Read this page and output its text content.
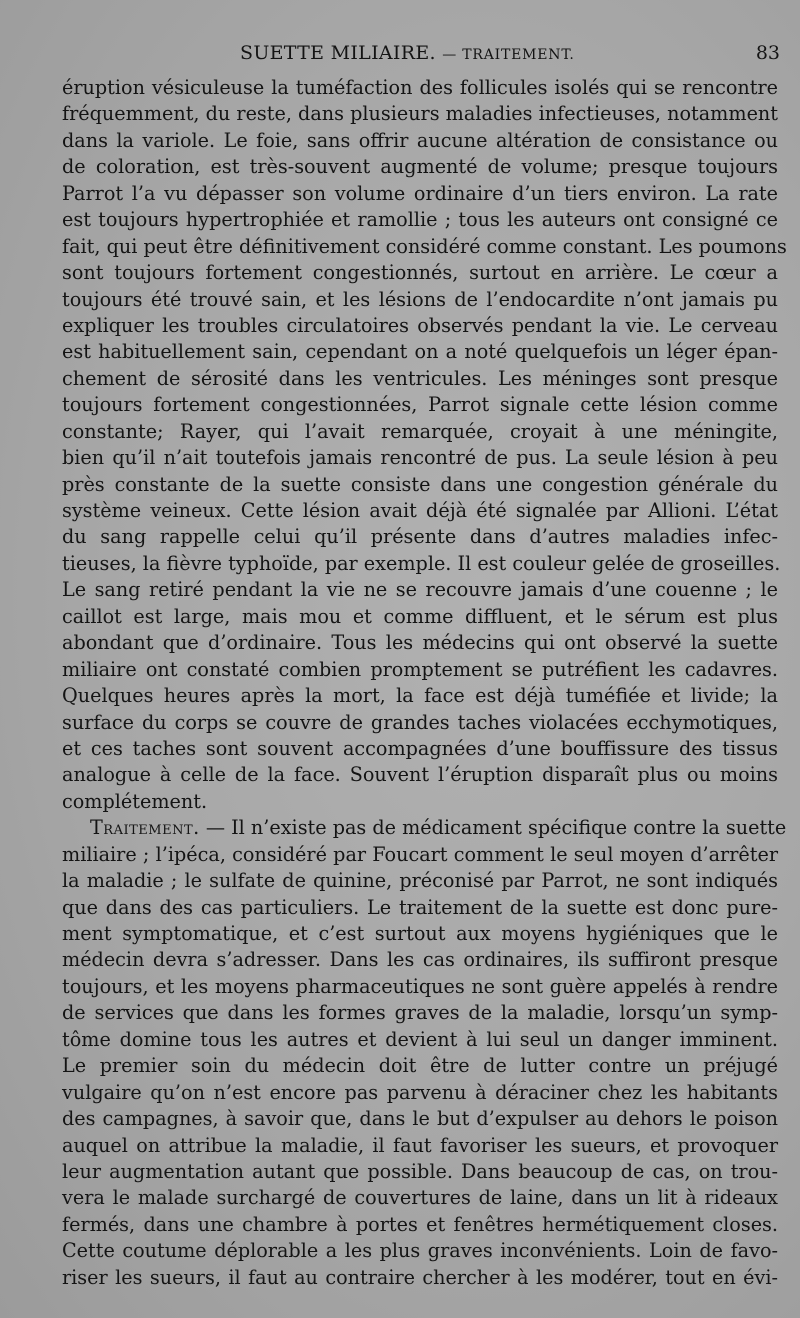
SUETTE MILIAIRE. — TRAITEMENT.	83
éruption vésiculeuse la tuméfaction des follicules isolés qui se rencontre
fréquemment, du reste, dans plusieurs maladies infectieuses, notamment
dans la variole. Le foie, sans offrir aucune altération de consistance ou
de coloration, est très-souvent augmenté de volume; presque toujours
Parrot l’a vu dépasser son volume ordinaire d’un tiers environ. La rate
est toujours hypertrophiée et ramollie ; tous les auteurs ont consigné ce
fait, qui peut être définitivement considéré comme constant. Les poumons
sont toujours fortement congestionnés, surtout en arrière. Le cœur a
toujours été trouvé sain, et les lésions de l’endocardite n’ont jamais pu
expliquer les troubles circulatoires observés pendant la vie. Le cerveau
est habituellement sain, cependant on a noté quelquefois un léger épan-
chement de sérosité dans les ventricules. Les méninges sont presque
toujours fortement congestionnées, Parrot signale cette lésion comme
constante; Rayer, qui l’avait remarquée, croyait à une méningite,
bien qu’il n’ait toutefois jamais rencontré de pus. La seule lésion à peu
près constante de la suette consiste dans une congestion générale du
système veineux. Cette lésion avait déjà été signalée par Allioni. L’état
du sang rappelle celui qu’il présente dans d’autres maladies infec-
tieuses, la fièvre typhoïde, par exemple. Il est couleur gelée de groseilles.
Le sang retiré pendant la vie ne se recouvre jamais d’une couenne ; le
caillot est large, mais mou et comme diffluent, et le sérum est plus
abondant que d’ordinaire. Tous les médecins qui ont observé la suette
miliaire ont constaté combien promptement se putréfient les cadavres.
Quelques heures après la mort, la face est déjà tuméfiée et livide; la
surface du corps se couvre de grandes taches violacées ecchymotiques,
et ces taches sont souvent accompagnées d’une bouffissure des tissus
analogue à celle de la face. Souvent l’éruption disparaît plus ou moins
complétement.
Traitement. — Il n’existe pas de médicament spécifique contre la suette
miliaire ; l’ipéca, considéré par Foucart comment le seul moyen d’arrêter
la maladie ; le sulfate de quinine, préconisé par Parrot, ne sont indiqués
que dans des cas particuliers. Le traitement de la suette est donc pure-
ment symptomatique, et c’est surtout aux moyens hygiéniques que le
médecin devra s’adresser. Dans les cas ordinaires, ils suffiront presque
toujours, et les moyens pharmaceutiques ne sont guère appelés à rendre
de services que dans les formes graves de la maladie, lorsqu’un symp-
tôme domine tous les autres et devient à lui seul un danger imminent.
Le premier soin du médecin doit être de lutter contre un préjugé
vulgaire qu’on n’est encore pas parvenu à déraciner chez les habitants
des campagnes, à savoir que, dans le but d’expulser au dehors le poison
auquel on attribue la maladie, il faut favoriser les sueurs, et provoquer
leur augmentation autant que possible. Dans beaucoup de cas, on trou-
vera le malade surchargé de couvertures de laine, dans un lit à rideaux
fermés, dans une chambre à portes et fenêtres hermétiquement closes.
Cette coutume déplorable a les plus graves inconvénients. Loin de favo-
riser les sueurs, il faut au contraire chercher à les modérer, tout en évi-
